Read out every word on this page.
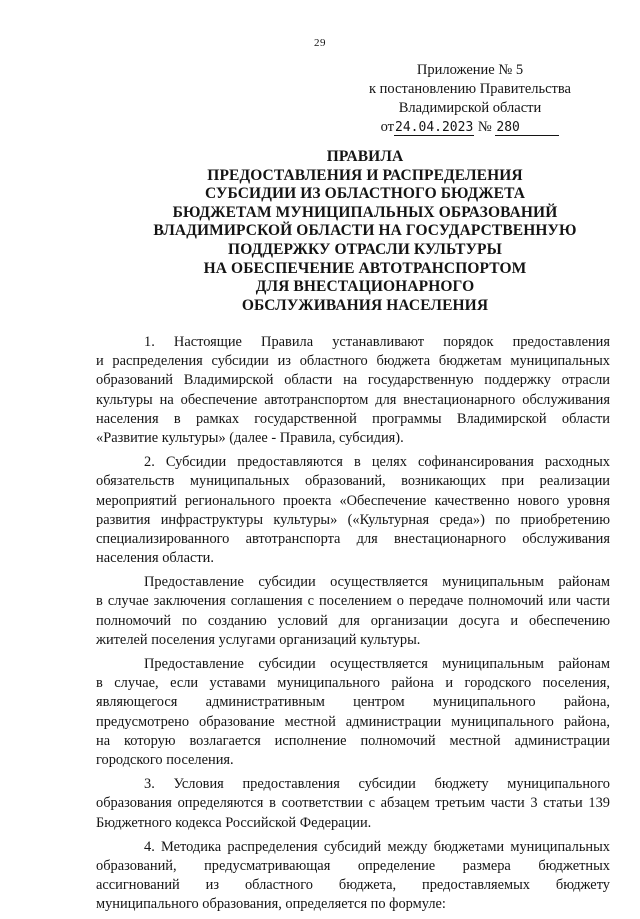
29
Приложение № 5
к постановлению Правительства
Владимирской области
от24.04.2023 № 280
ПРАВИЛА
ПРЕДОСТАВЛЕНИЯ И РАСПРЕДЕЛЕНИЯ
СУБСИДИИ ИЗ ОБЛАСТНОГО БЮДЖЕТА
БЮДЖЕТАМ МУНИЦИПАЛЬНЫХ ОБРАЗОВАНИЙ
ВЛАДИМИРСКОЙ ОБЛАСТИ НА ГОСУДАРСТВЕННУЮ
ПОДДЕРЖКУ ОТРАСЛИ КУЛЬТУРЫ
НА ОБЕСПЕЧЕНИЕ АВТОТРАНСПОРТОМ
ДЛЯ ВНЕСТАЦИОНАРНОГО
ОБСЛУЖИВАНИЯ НАСЕЛЕНИЯ
1. Настоящие Правила устанавливают порядок предоставления
и распределения субсидии из областного бюджета бюджетам муниципальных
образований Владимирской области на государственную поддержку отрасли
культуры на обеспечение автотранспортом для внестационарного обслуживания
населения в рамках государственной программы Владимирской области
«Развитие культуры» (далее - Правила, субсидия).
2. Субсидии предоставляются в целях софинансирования расходных
обязательств муниципальных образований, возникающих при реализации
мероприятий регионального проекта «Обеспечение качественно нового уровня
развития инфраструктуры культуры» («Культурная среда») по приобретению
специализированного автотранспорта для внестационарного обслуживания
населения области.
Предоставление субсидии осуществляется муниципальным районам
в случае заключения соглашения с поселением о передаче полномочий или части
полномочий по созданию условий для организации досуга и обеспечению
жителей поселения услугами организаций культуры.
Предоставление субсидии осуществляется муниципальным районам
в случае, если уставами муниципального района и городского поселения,
являющегося административным центром муниципального района,
предусмотрено образование местной администрации муниципального района,
на которую возлагается исполнение полномочий местной администрации
городского поселения.
3. Условия предоставления субсидии бюджету муниципального
образования определяются в соответствии с абзацем третьим части 3 статьи 139
Бюджетного кодекса Российской Федерации.
4. Методика распределения субсидий между бюджетами муниципальных
образований, предусматривающая определение размера бюджетных
ассигнований из областного бюджета, предоставляемых бюджету
муниципального образования, определяется по формуле:
